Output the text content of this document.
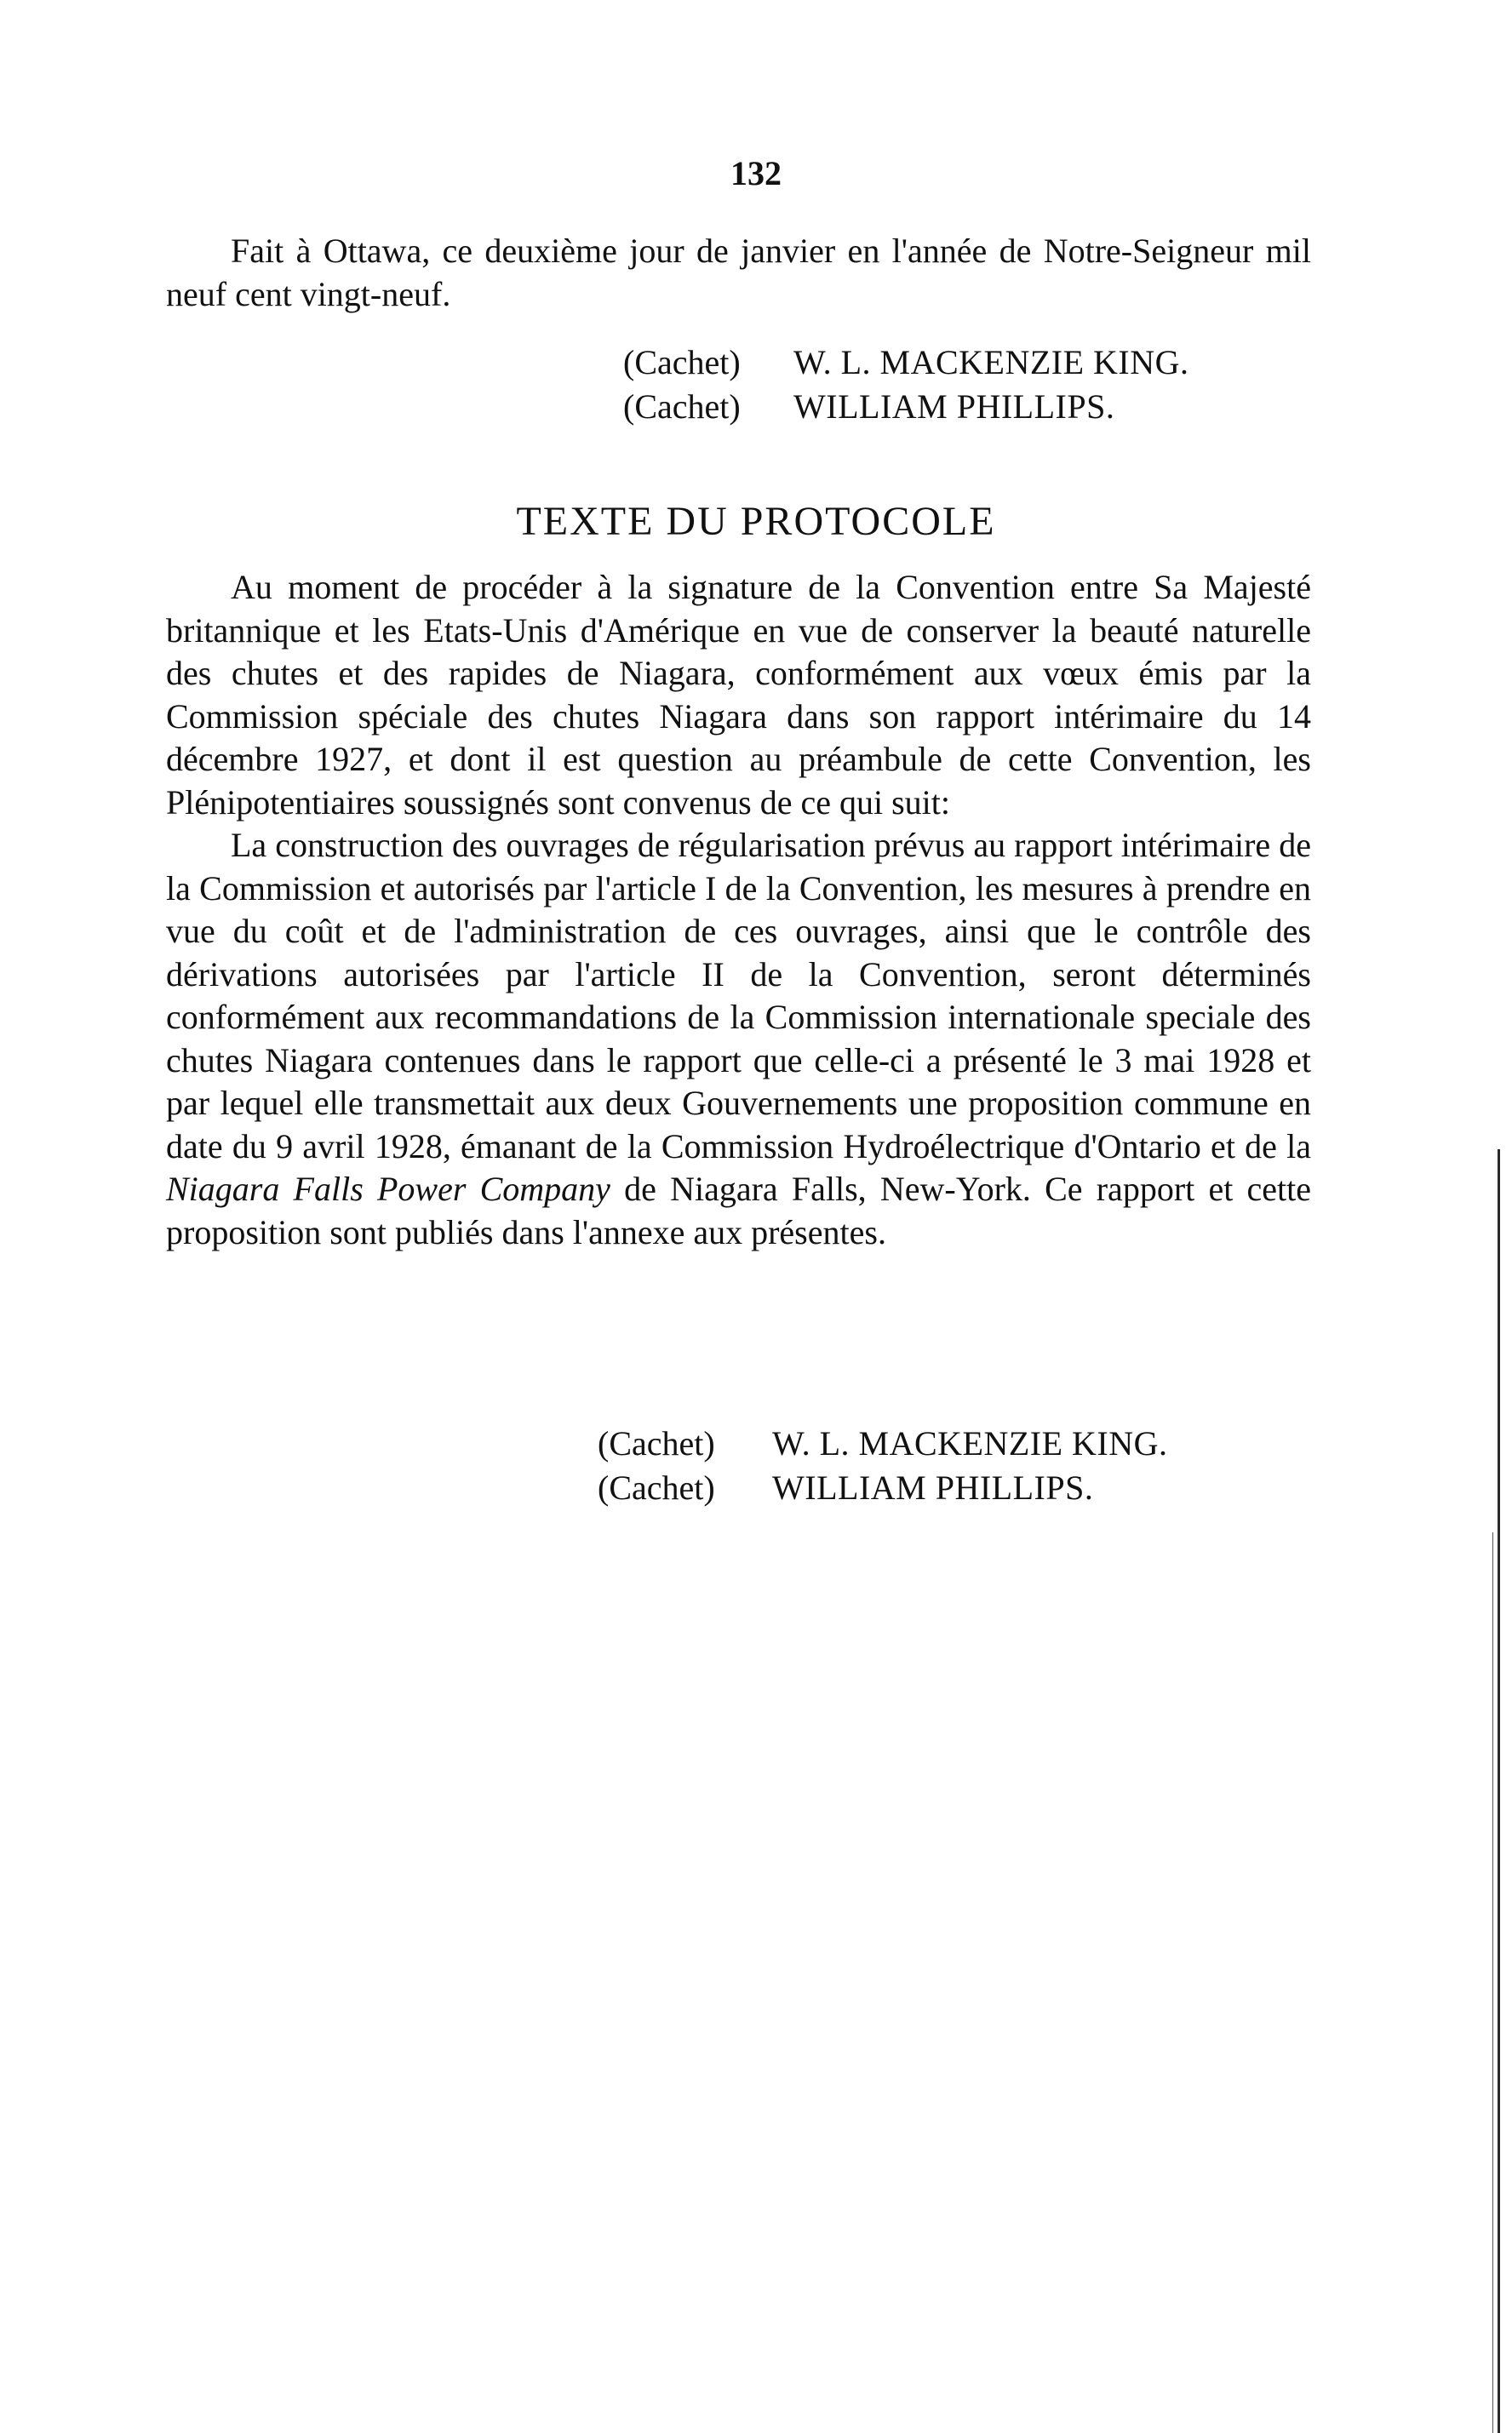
132

Fait à Ottawa, ce deuxième jour de janvier en l'année de Notre-Seigneur mil neuf cent vingt-neuf.

(Cachet)	W. L. MACKENZIE KING.
(Cachet)	WILLIAM PHILLIPS.
TEXTE DU PROTOCOLE

Au moment de procéder à la signature de la Convention entre Sa Majesté britannique et les Etats-Unis d'Amérique en vue de conserver la beauté naturelle des chutes et des rapides de Niagara, conformément aux vœux émis par la Commission spéciale des chutes Niagara dans son rapport intérimaire du 14 décembre 1927, et dont il est question au préambule de cette Convention, les Plénipotentiaires soussignés sont convenus de ce qui suit:

La construction des ouvrages de régularisation prévus au rapport intérimaire de la Commission et autorisés par l'article I de la Convention, les mesures à prendre en vue du coût et de l'administration de ces ouvrages, ainsi que le contrôle des dérivations autorisées par l'article II de la Convention, seront déterminés conformément aux recommandations de la Commission internationale speciale des chutes Niagara contenues dans le rapport que celle-ci a présenté le 3 mai 1928 et par lequel elle transmettait aux deux Gouvernements une proposition commune en date du 9 avril 1928, émanant de la Commission Hydroélectrique d'Ontario et de la Niagara Falls Power Company de Niagara Falls, New-York. Ce rapport et cette proposition sont publiés dans l'annexe aux présentes.

(Cachet)	W. L. MACKENZIE KING.
(Cachet)	WILLIAM PHILLIPS.
